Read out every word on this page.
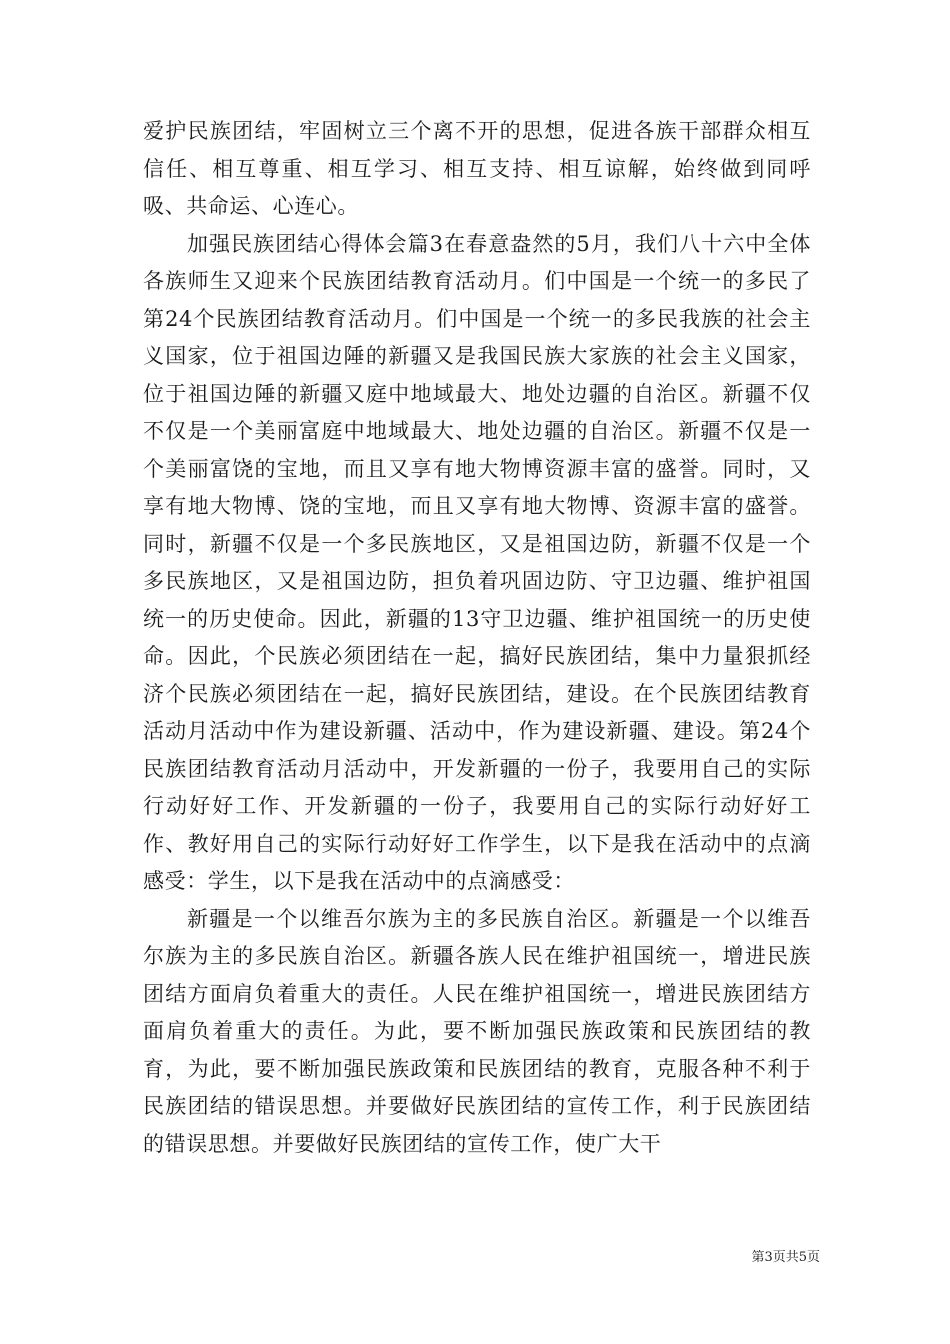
爱护民族团结，牢固树立三个离不开的思想，促进各族干部群众相互信任、相互尊重、相互学习、相互支持、相互谅解，始终做到同呼吸、共命运、心连心。

加强民族团结心得体会篇3在春意盎然的5月，我们八十六中全体各族师生又迎来个民族团结教育活动月。们中国是一个统一的多民了第24个民族团结教育活动月。们中国是一个统一的多民我族的社会主义国家，位于祖国边陲的新疆又是我国民族大家族的社会主义国家，位于祖国边陲的新疆又庭中地域最大、地处边疆的自治区。新疆不仅不仅是一个美丽富庭中地域最大、地处边疆的自治区。新疆不仅是一个美丽富饶的宝地，而且又享有地大物博资源丰富的盛誉。同时，又享有地大物博、饶的宝地，而且又享有地大物博、资源丰富的盛誉。同时，新疆不仅是一个多民族地区，又是祖国边防，新疆不仅是一个多民族地区，又是祖国边防，担负着巩固边防、守卫边疆、维护祖国统一的历史使命。因此，新疆的13守卫边疆、维护祖国统一的历史使命。因此，个民族必须团结在一起，搞好民族团结，集中力量狠抓经济个民族必须团结在一起，搞好民族团结，建设。在个民族团结教育活动月活动中作为建设新疆、活动中，作为建设新疆、建设。第24个民族团结教育活动月活动中，开发新疆的一份子，我要用自己的实际行动好好工作、开发新疆的一份子，我要用自己的实际行动好好工作、教好用自己的实际行动好好工作学生，以下是我在活动中的点滴感受：学生，以下是我在活动中的点滴感受：

新疆是一个以维吾尔族为主的多民族自治区。新疆是一个以维吾尔族为主的多民族自治区。新疆各族人民在维护祖国统一，增进民族团结方面肩负着重大的责任。人民在维护祖国统一，增进民族团结方面肩负着重大的责任。为此，要不断加强民族政策和民族团结的教育，为此，要不断加强民族政策和民族团结的教育，克服各种不利于民族团结的错误思想。并要做好民族团结的宣传工作，利于民族团结的错误思想。并要做好民族团结的宣传工作，使广大干

第3页共5页
